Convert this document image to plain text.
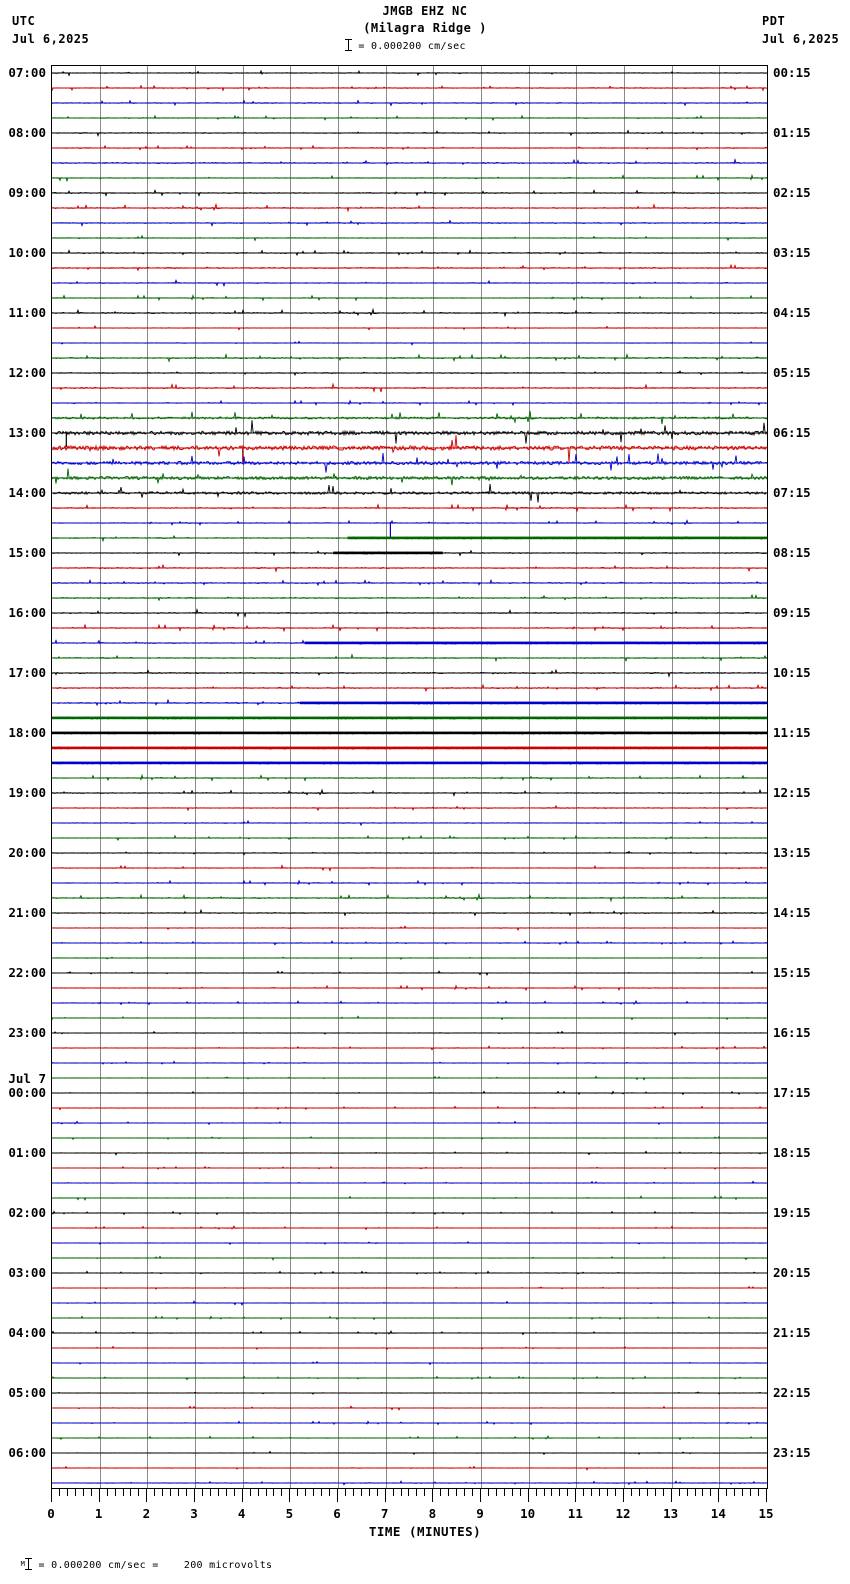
UTC
Jul 6,2025
PDT
Jul 6,2025
JMGB EHZ NC
(Milagra Ridge )
= 0.000200 cm/sec
TIME (MINUTES)

$^M$ = 0.000200 cm/sec =    200 microvolts

07:00
08:00
09:00
10:00
11:00
12:00
13:00
14:00
15:00
16:00
17:00
18:00
19:00
20:00
21:00
22:00
23:00
00:00
01:00
02:00
03:00
04:00
05:00
06:00
00:15
01:15
02:15
03:15
04:15
05:15
06:15
07:15
08:15
09:15
10:15
11:15
12:15
13:15
14:15
15:15
16:15
17:15
18:15
19:15
20:15
21:15
22:15
23:15
Jul 7
0	1	2	3	4	5	6	7	8	9	10	11	12	13	14	15
